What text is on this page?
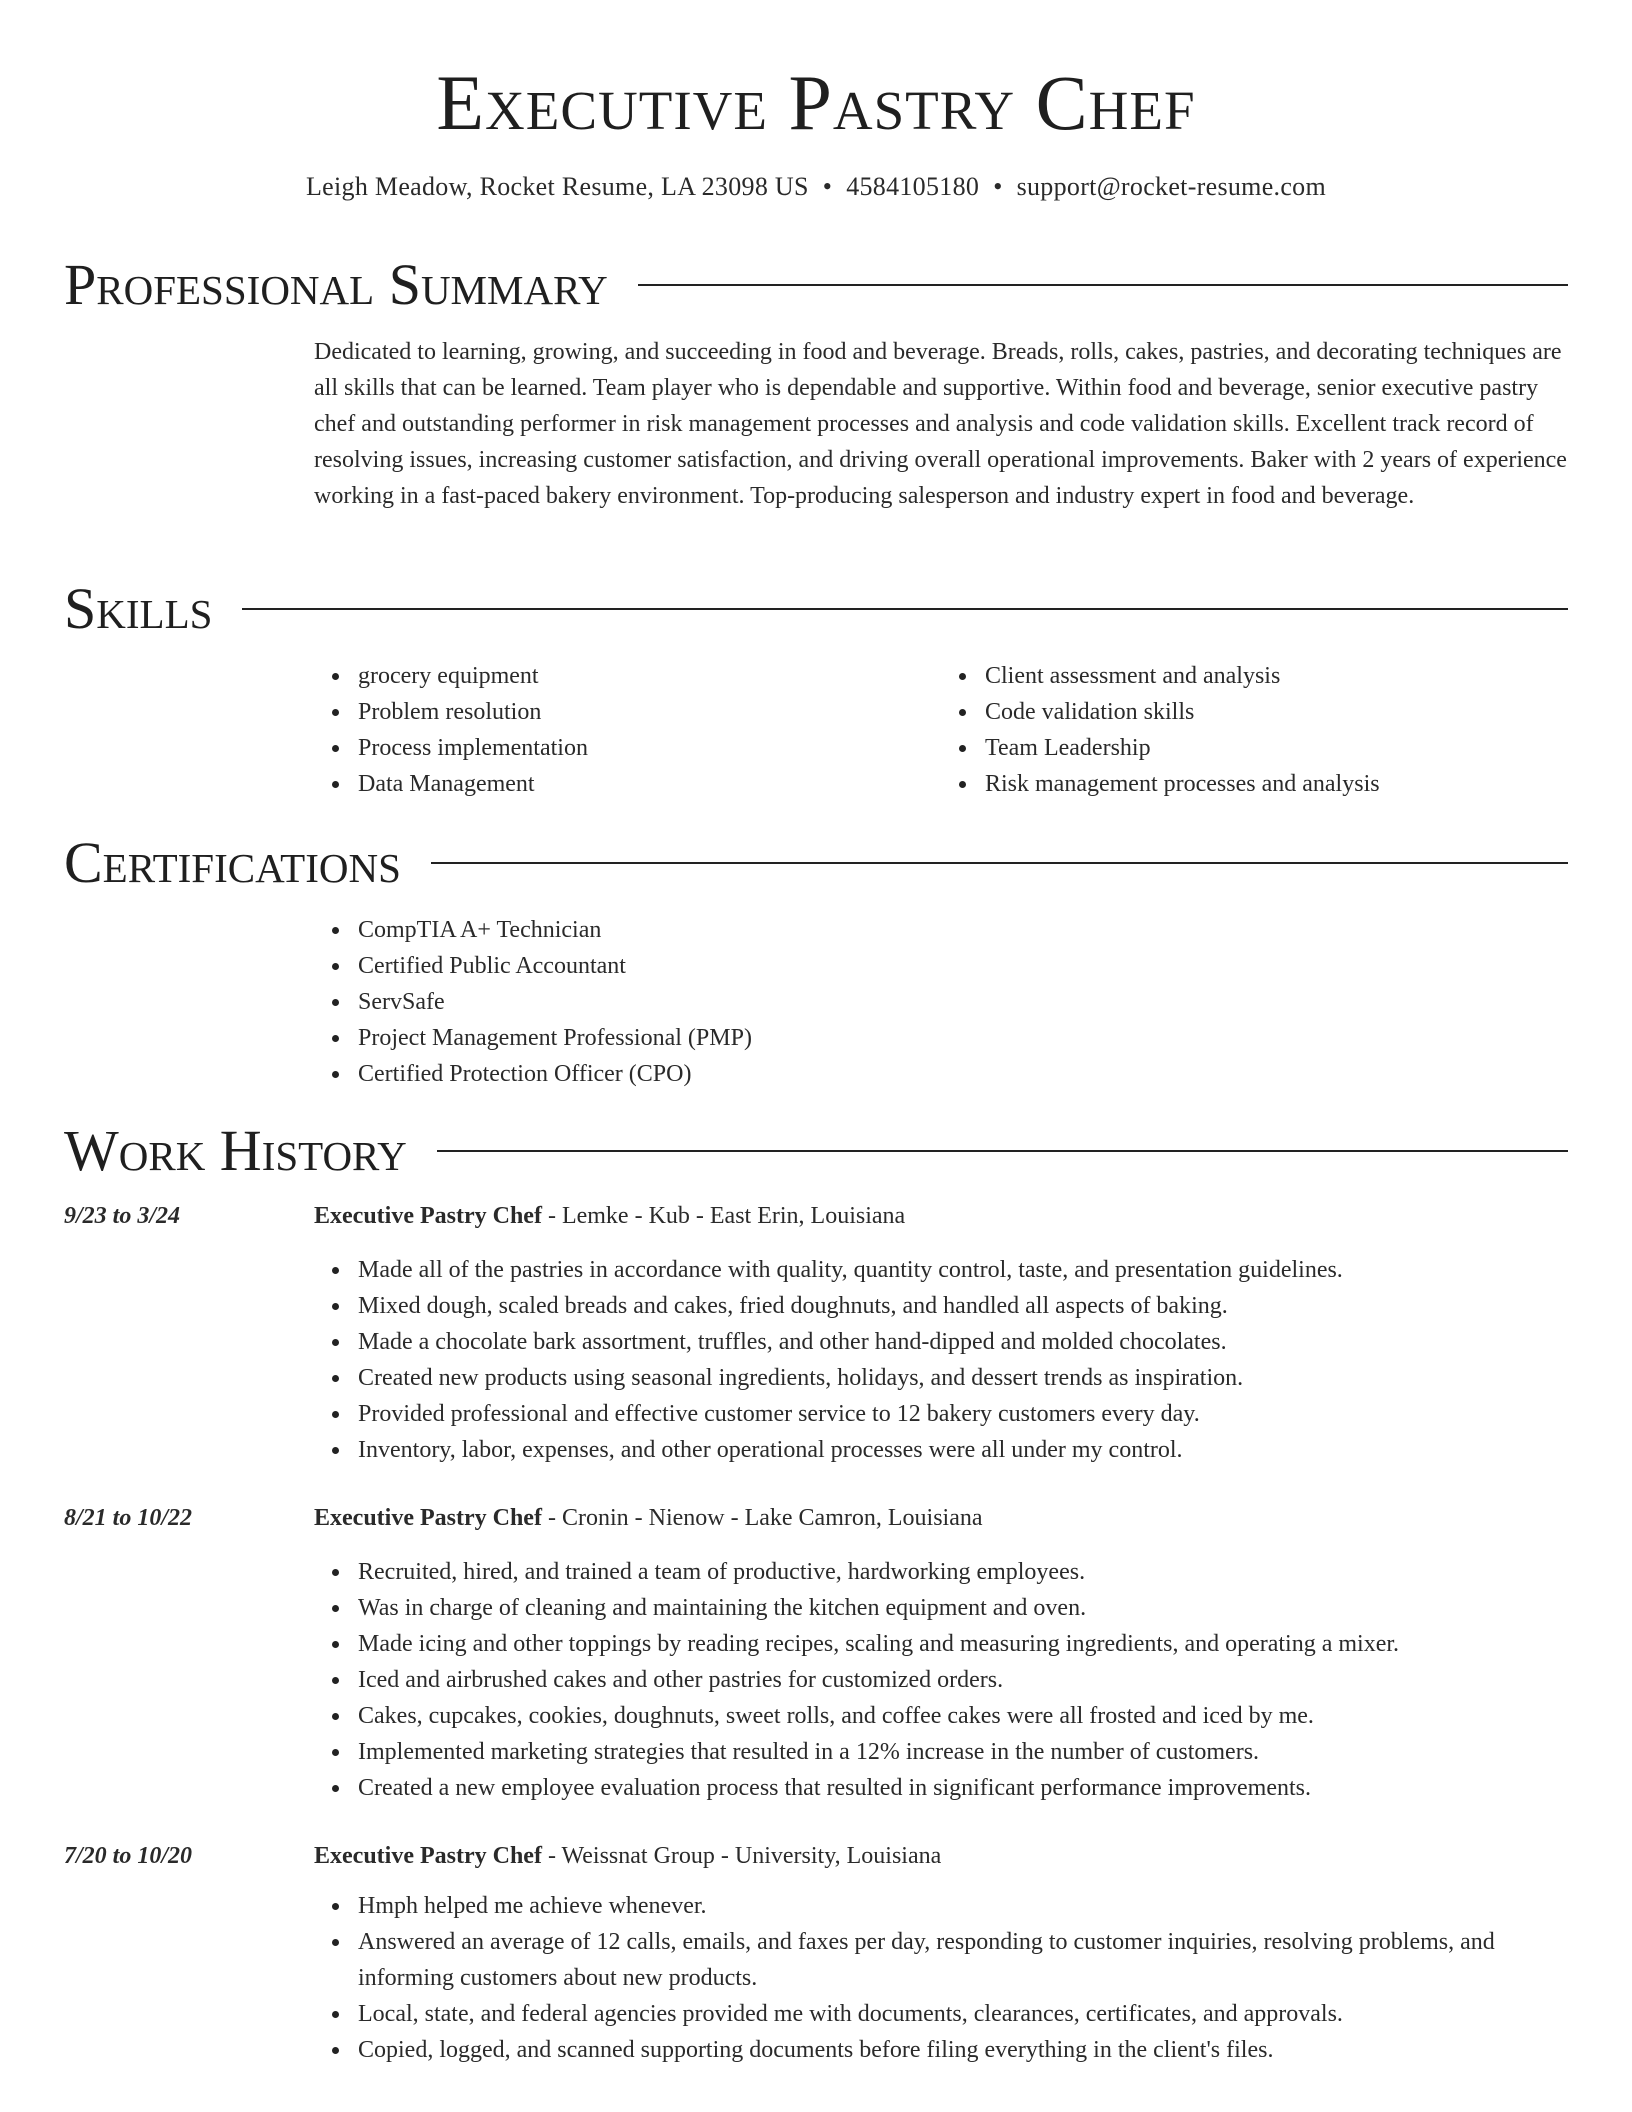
Executive Pastry Chef
Leigh Meadow, Rocket Resume, LA 23098 US • 4584105180 • support@rocket-resume.com
Professional Summary
Dedicated to learning, growing, and succeeding in food and beverage. Breads, rolls, cakes, pastries, and decorating techniques are all skills that can be learned. Team player who is dependable and supportive. Within food and beverage, senior executive pastry chef and outstanding performer in risk management processes and analysis and code validation skills. Excellent track record of resolving issues, increasing customer satisfaction, and driving overall operational improvements. Baker with 2 years of experience working in a fast-paced bakery environment. Top-producing salesperson and industry expert in food and beverage.
Skills
grocery equipment
Problem resolution
Process implementation
Data Management
Client assessment and analysis
Code validation skills
Team Leadership
Risk management processes and analysis
Certifications
CompTIA A+ Technician
Certified Public Accountant
ServSafe
Project Management Professional (PMP)
Certified Protection Officer (CPO)
Work History
9/23 to 3/24	Executive Pastry Chef - Lemke - Kub - East Erin, Louisiana
Made all of the pastries in accordance with quality, quantity control, taste, and presentation guidelines.
Mixed dough, scaled breads and cakes, fried doughnuts, and handled all aspects of baking.
Made a chocolate bark assortment, truffles, and other hand-dipped and molded chocolates.
Created new products using seasonal ingredients, holidays, and dessert trends as inspiration.
Provided professional and effective customer service to 12 bakery customers every day.
Inventory, labor, expenses, and other operational processes were all under my control.
8/21 to 10/22	Executive Pastry Chef - Cronin - Nienow - Lake Camron, Louisiana
Recruited, hired, and trained a team of productive, hardworking employees.
Was in charge of cleaning and maintaining the kitchen equipment and oven.
Made icing and other toppings by reading recipes, scaling and measuring ingredients, and operating a mixer.
Iced and airbrushed cakes and other pastries for customized orders.
Cakes, cupcakes, cookies, doughnuts, sweet rolls, and coffee cakes were all frosted and iced by me.
Implemented marketing strategies that resulted in a 12% increase in the number of customers.
Created a new employee evaluation process that resulted in significant performance improvements.
7/20 to 10/20	Executive Pastry Chef - Weissnat Group - University, Louisiana
Hmph helped me achieve whenever.
Answered an average of 12 calls, emails, and faxes per day, responding to customer inquiries, resolving problems, and informing customers about new products.
Local, state, and federal agencies provided me with documents, clearances, certificates, and approvals.
Copied, logged, and scanned supporting documents before filing everything in the client's files.
